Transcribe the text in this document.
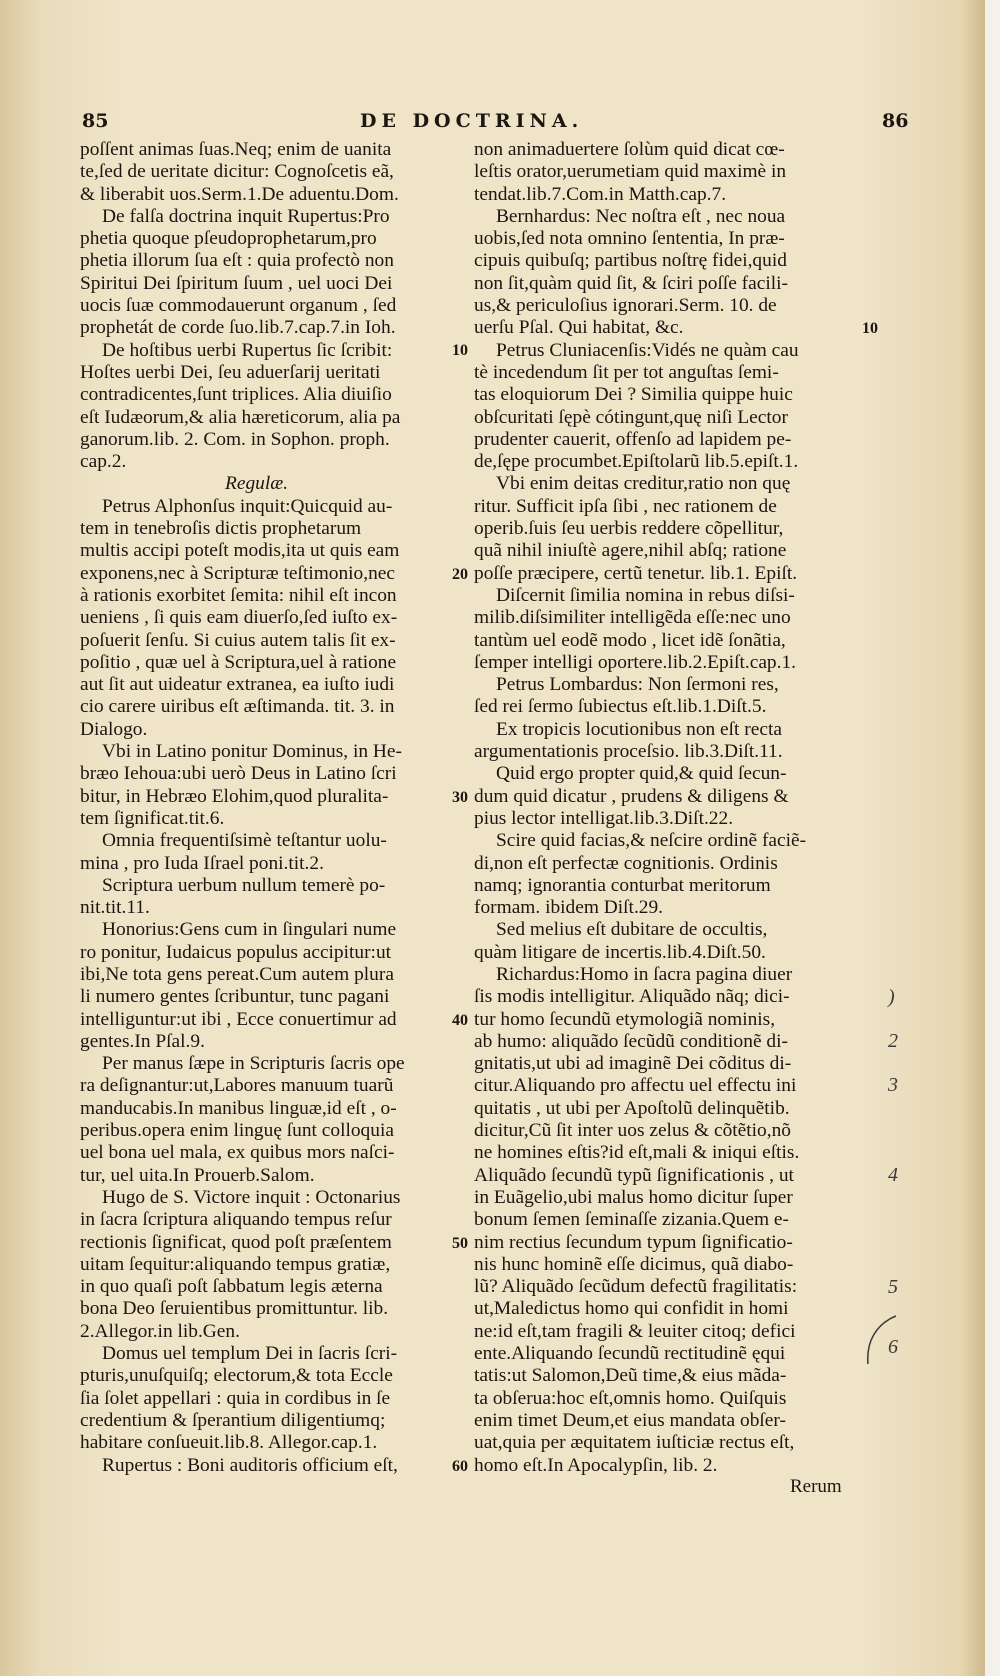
85	DE DOCTRINA.	86
poſſent animas ſuas.Neq; enim de uanita
te,ſed de ueritate dicitur: Cognoſcetis eã,
& liberabit uos.Serm.1.De aduentu.Dom.
De falſa doctrina inquit Rupertus:Pro
phetia quoque pſeudoprophetarum,pro
phetia illorum ſua eſt : quia profectò non
Spiritui Dei ſpiritum ſuum , uel uoci Dei
uocis ſuæ commodauerunt organum , ſed
prophetát de corde ſuo.lib.7.cap.7.in Ioh.
De hoſtibus uerbi Rupertus ſic ſcribit:
Hoſtes uerbi Dei, ſeu aduerſarij ueritati
contradicentes,ſunt triplices. Alia diuiſio
eſt Iudæorum,& alia hæreticorum, alia pa
ganorum.lib. 2. Com. in Sophon. proph.
cap.2.
Regulæ.
Petrus Alphonſus inquit:Quicquid au-
tem in tenebroſis dictis prophetarum
multis accipi poteſt modis,ita ut quis eam
exponens,nec à Scripturæ teſtimonio,nec
à rationis exorbitet ſemita: nihil eſt incon
ueniens , ſi quis eam diuerſo,ſed iuſto ex-
poſuerit ſenſu. Si cuius autem talis ſit ex-
poſitio , quæ uel à Scriptura,uel à ratione
aut ſit aut uideatur extranea, ea iuſto iudi
cio carere uiribus eſt æſtimanda. tit. 3. in
Dialogo.
Vbi in Latino ponitur Dominus, in He-
bræo Iehoua:ubi uerò Deus in Latino ſcri
bitur, in Hebræo Elohim,quod pluralita-
tem ſignificat.tit.6.
Omnia frequentiſsimè teſtantur uolu-
mina , pro Iuda Iſrael poni.tit.2.
Scriptura uerbum nullum temerè po-
nit.tit.11.
Honorius:Gens cum in ſingulari nume
ro ponitur, Iudaicus populus accipitur:ut
ibi,Ne tota gens pereat.Cum autem plura
li numero gentes ſcribuntur, tunc pagani
intelliguntur:ut ibi , Ecce conuertimur ad
gentes.In Pſal.9.
Per manus ſæpe in Scripturis ſacris ope
ra deſignantur:ut,Labores manuum tuarũ
manducabis.In manibus linguæ,id eſt , o-
peribus.opera enim linguę ſunt colloquia
uel bona uel mala, ex quibus mors naſci-
tur, uel uita.In Prouerb.Salom.
Hugo de S. Victore inquit : Octonarius
in ſacra ſcriptura aliquando tempus reſur
rectionis ſignificat, quod poſt præſentem
uitam ſequitur:aliquando tempus gratiæ,
in quo quaſi poſt ſabbatum legis æterna
bona Deo ſeruientibus promittuntur. lib.
2.Allegor.in lib.Gen.
Domus uel templum Dei in ſacris ſcri-
pturis,unuſquiſq; electorum,& tota Eccle
ſia ſolet appellari : quia in cordibus in ſe
credentium & ſperantium diligentiumq;
habitare conſueuit.lib.8. Allegor.cap.1.
Rupertus : Boni auditoris officium eſt,
non animaduertere ſolùm quid dicat cœ-
leſtis orator,uerumetiam quid maximè in
tendat.lib.7.Com.in Matth.cap.7.
Bernhardus: Nec noſtra eſt , nec noua
uobis,ſed nota omnino ſententia, In præ-
cipuis quibuſq; partibus noſtrę fidei,quid
non ſit,quàm quid ſit, & ſciri poſſe facili-
us,& periculoſius ignorari.Serm. 10. de
uerſu Pſal. Qui habitat, &c.
Petrus Cluniacenſis:Vidés ne quàm cau
tè incedendum ſit per tot anguſtas ſemi-
tas eloquiorum Dei ? Similia quippe huic
obſcuritati ſępè cótingunt,quę niſi Lector
prudenter cauerit, offenſo ad lapidem pe-
de,ſępe procumbet.Epiſtolarũ lib.5.epiſt.1.
Vbi enim deitas creditur,ratio non quę
ritur. Sufficit ipſa ſibi , nec rationem de
operib.ſuis ſeu uerbis reddere cõpellitur,
quã nihil iniuſtè agere,nihil abſq; ratione
poſſe præcipere, certũ tenetur. lib.1. Epiſt.
Diſcernit ſimilia nomina in rebus diſsi-
milib.diſsimiliter intelligẽda eſſe:nec uno
tantùm uel eodẽ modo , licet idẽ ſonãtia,
ſemper intelligi oportere.lib.2.Epiſt.cap.1.
Petrus Lombardus: Non ſermoni res,
ſed rei ſermo ſubiectus eſt.lib.1.Diſt.5.
Ex tropicis locutionibus non eſt recta
argumentationis proceſsio. lib.3.Diſt.11.
Quid ergo propter quid,& quid ſecun-
dum quid dicatur , prudens & diligens &
pius lector intelligat.lib.3.Diſt.22.
Scire quid facias,& neſcire ordinẽ faciẽ-
di,non eſt perfectæ cognitionis. Ordinis
namq; ignorantia conturbat meritorum
formam. ibidem Diſt.29.
Sed melius eſt dubitare de occultis,
quàm litigare de incertis.lib.4.Diſt.50.
Richardus:Homo in ſacra pagina diuer
ſis modis intelligitur. Aliquãdo nãq; dici-
tur homo ſecundũ etymologiã nominis,
ab humo: aliquãdo ſecũdũ conditionẽ di-
gnitatis,ut ubi ad imaginẽ Dei cõditus di-
citur.Aliquando pro affectu uel effectu ini
quitatis , ut ubi per Apoſtolũ delinquẽtib.
dicitur,Cũ ſit inter uos zelus & cõtẽtio,nõ
ne homines eſtis?id eſt,mali & iniqui eſtis.
Aliquãdo ſecundũ typũ ſignificationis , ut
in Euãgelio,ubi malus homo dicitur ſuper
bonum ſemen ſeminaſſe zizania.Quem e-
nim rectius ſecundum typum ſignificatio-
nis hunc hominẽ eſſe dicimus, quã diabo-
lũ? Aliquãdo ſecũdum defectũ fragilitatis:
ut,Maledictus homo qui confidit in homi
ne:id eſt,tam fragili & leuiter citoq; defici
ente.Aliquando ſecundũ rectitudinẽ ęqui
tatis:ut Salomon,Deũ time,& eius mãda-
ta obſerua:hoc eſt,omnis homo. Quiſquis
enim timet Deum,et eius mandata obſer-
uat,quia per æquitatem iuſticiæ rectus eſt,
homo eſt.In Apocalypſin, lib. 2.
10
10
20
30
40
50
60
)
2
3
4
5
6
Rerum
